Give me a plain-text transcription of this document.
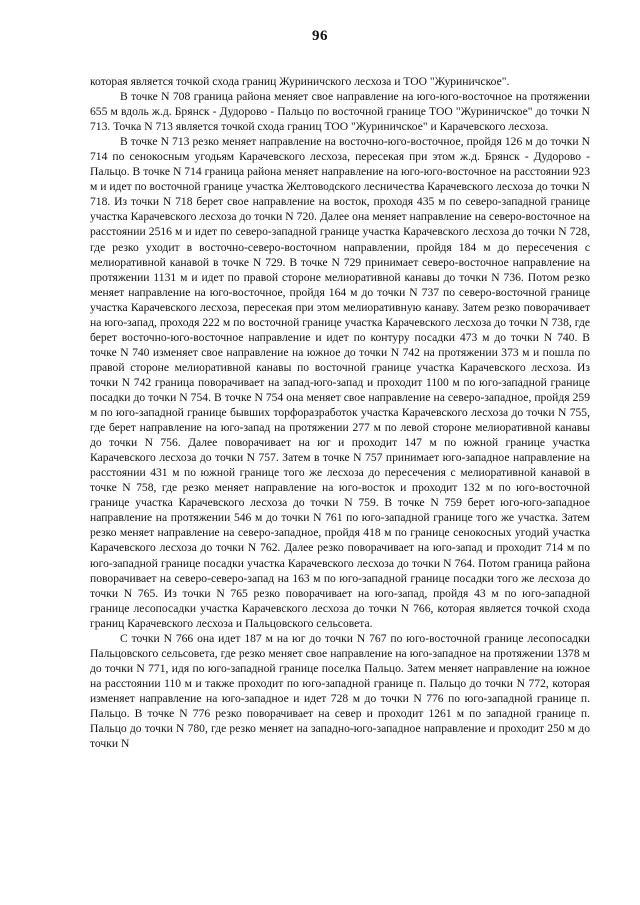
96

которая является точкой схода границ Журиничского лесхоза и ТОО "Журиничское".

В точке N 708 граница района меняет свое направление на юго-юго-восточное на протяжении 655 м вдоль ж.д. Брянск - Дудорово - Пальцо по восточной границе ТОО "Журиничское" до точки N 713. Точка N 713 является точкой схода границ ТОО "Журиничское" и Карачевского лесхоза.

В точке N 713 резко меняет направление на восточно-юго-восточное, пройдя 126 м до точки N 714 по сенокосным угодьям Карачевского лесхоза, пересекая при этом ж.д. Брянск - Дудорово - Пальцо. В точке N 714 граница района меняет направление на юго-юго-восточное на расстоянии 923 м и идет по восточной границе участка Желтоводского лесничества Карачевского лесхоза до точки N 718. Из точки N 718 берет свое направление на восток, проходя 435 м по северо-западной границе участка Карачевского лесхоза до точки N 720. Далее она меняет направление на северо-восточное на расстоянии 2516 м и идет по северо-западной границе участка Карачевского лесхоза до точки N 728, где резко уходит в восточно-северо-восточном направлении, пройдя 184 м до пересечения с мелиоративной канавой в точке N 729. В точке N 729 принимает северо-восточное направление на протяжении 1131 м и идет по правой стороне мелиоративной канавы до точки N 736. Потом резко меняет направление на юго-восточное, пройдя 164 м до точки N 737 по северо-восточной границе участка Карачевского лесхоза, пересекая при этом мелиоративную канаву. Затем резко поворачивает на юго-запад, проходя 222 м по восточной границе участка Карачевского лесхоза до точки N 738, где берет восточно-юго-восточное направление и идет по контуру посадки 473 м до точки N 740. В точке N 740 изменяет свое направление на южное до точки N 742 на протяжении 373 м и пошла по правой стороне мелиоративной канавы по восточной границе участка Карачевского лесхоза. Из точки N 742 граница поворачивает на запад-юго-запад и проходит 1100 м по юго-западной границе посадки до точки N 754. В точке N 754 она меняет свое направление на северо-западное, пройдя 259 м по юго-западной границе бывших торфоразработок участка Карачевского лесхоза до точки N 755, где берет направление на юго-запад на протяжении 277 м по левой стороне мелиоративной канавы до точки N 756. Далее поворачивает на юг и проходит 147 м по южной границе участка Карачевского лесхоза до точки N 757. Затем в точке N 757 принимает юго-западное направление на расстоянии 431 м по южной границе того же лесхоза до пересечения с мелиоративной канавой в точке N 758, где резко меняет направление на юго-восток и проходит 132 м по юго-восточной границе участка Карачевского лесхоза до точки N 759. В точке N 759 берет юго-юго-западное направление на протяжении 546 м до точки N 761 по юго-западной границе того же участка. Затем резко меняет направление на северо-западное, пройдя 418 м по границе сенокосных угодий участка Карачевского лесхоза до точки N 762. Далее резко поворачивает на юго-запад и проходит 714 м по юго-западной границе посадки участка Карачевского лесхоза до точки N 764. Потом граница района поворачивает на северо-северо-запад на 163 м по юго-западной границе посадки того же лесхоза до точки N 765. Из точки N 765 резко поворачивает на юго-запад, пройдя 43 м по юго-западной границе лесопосадки участка Карачевского лесхоза до точки N 766, которая является точкой схода границ Карачевского лесхоза и Пальцовского сельсовета.

С точки N 766 она идет 187 м на юг до точки N 767 по юго-восточной границе лесопосадки Пальцовского сельсовета, где резко меняет свое направление на юго-западное на протяжении 1378 м до точки N 771, идя по юго-западной границе поселка Пальцо. Затем меняет направление на южное на расстоянии 110 м и также проходит по юго-западной границе п. Пальцо до точки N 772, которая изменяет направление на юго-западное и идет 728 м до точки N 776 по юго-западной границе п. Пальцо. В точке N 776 резко поворачивает на север и проходит 1261 м по западной границе п. Пальцо до точки N 780, где резко меняет на западно-юго-западное направление и проходит 250 м до точки N
